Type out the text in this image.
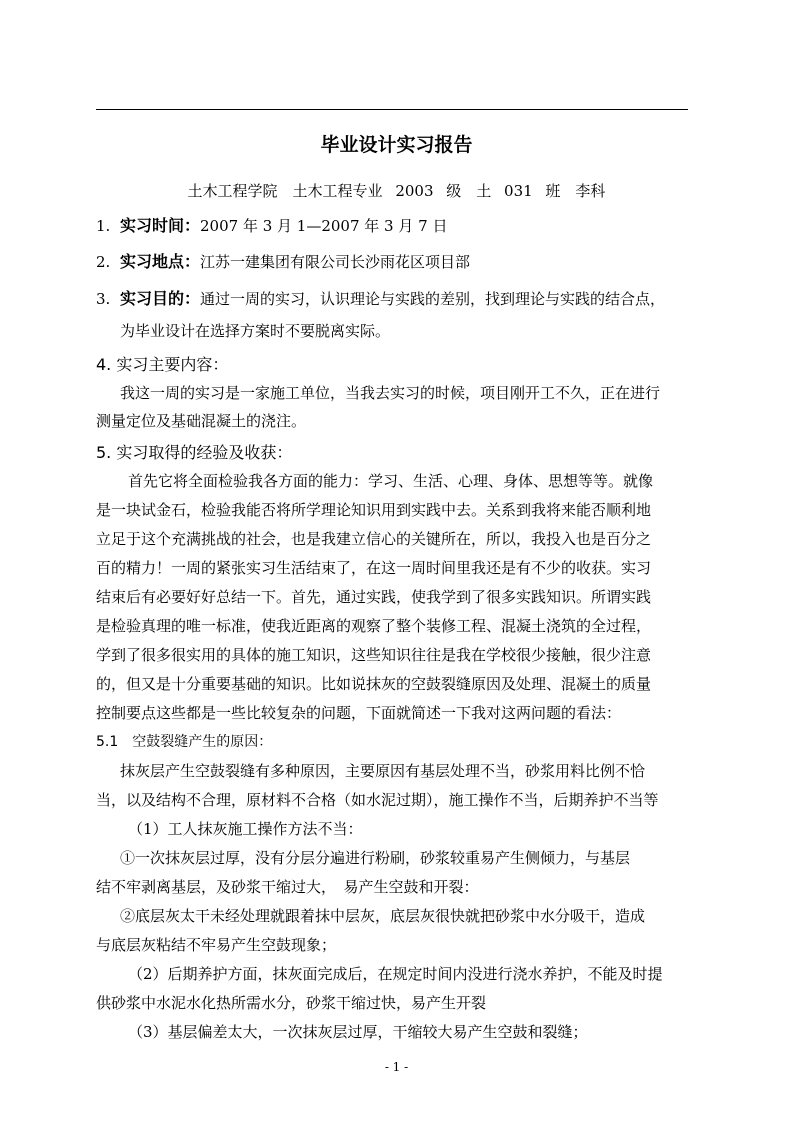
毕业设计实习报告
土木工程学院　土木工程专业 2003 级　土 031 班　李科
1. 实习时间：2007 年 3 月 1—2007 年 3 月 7 日
2. 实习地点：江苏一建集团有限公司长沙雨花区项目部
3. 实习目的：通过一周的实习，认识理论与实践的差别，找到理论与实践的结合点，
为毕业设计在选择方案时不要脱离实际。
4. 实习主要内容：
我这一周的实习是一家施工单位，当我去实习的时候，项目刚开工不久，正在进行
测量定位及基础混凝土的浇注。
5. 实习取得的经验及收获：
首先它将全面检验我各方面的能力：学习、生活、心理、身体、思想等等。就像
是一块试金石，检验我能否将所学理论知识用到实践中去。关系到我将来能否顺利地
立足于这个充满挑战的社会，也是我建立信心的关键所在，所以，我投入也是百分之
百的精力！一周的紧张实习生活结束了，在这一周时间里我还是有不少的收获。实习
结束后有必要好好总结一下。首先，通过实践，使我学到了很多实践知识。所谓实践
是检验真理的唯一标准，使我近距离的观察了整个装修工程、混凝土浇筑的全过程，
学到了很多很实用的具体的施工知识，这些知识往往是我在学校很少接触，很少注意
的，但又是十分重要基础的知识。比如说抹灰的空鼓裂缝原因及处理、混凝土的质量
控制要点这些都是一些比较复杂的问题，下面就简述一下我对这两问题的看法：
5.1　空鼓裂缝产生的原因：
抹灰层产生空鼓裂缝有多种原因，主要原因有基层处理不当，砂浆用料比例不恰
当，以及结构不合理，原材料不合格（如水泥过期），施工操作不当，后期养护不当等
（1）工人抹灰施工操作方法不当：
①一次抹灰层过厚，没有分层分遍进行粉刷，砂浆较重易产生侧倾力，与基层
结不牢剥离基层，及砂浆干缩过大，　易产生空鼓和开裂：
②底层灰太干未经处理就跟着抹中层灰，底层灰很快就把砂浆中水分吸干，造成
与底层灰粘结不牢易产生空鼓现象；
（2）后期养护方面，抹灰面完成后，在规定时间内没进行浇水养护，不能及时提
供砂浆中水泥水化热所需水分，砂浆干缩过快，易产生开裂
（3）基层偏差太大，一次抹灰层过厚，干缩较大易产生空鼓和裂缝；
- 1 -
